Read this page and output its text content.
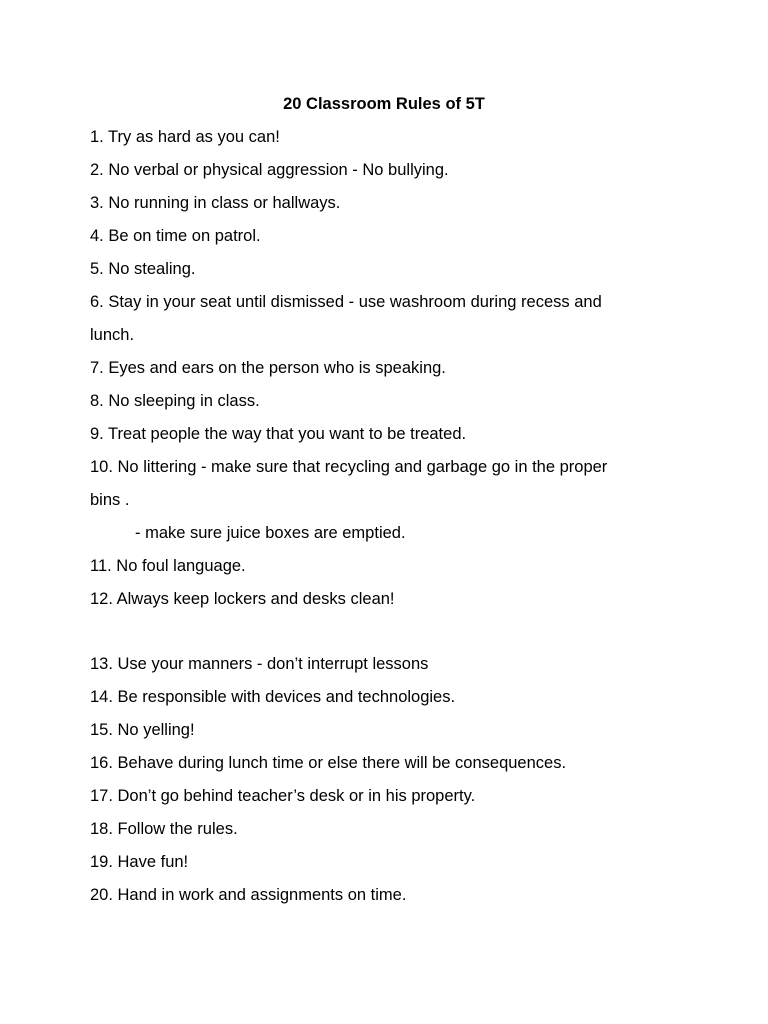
20 Classroom Rules of 5T
1. Try as hard as you can!
2. No verbal or physical aggression - No bullying.
3. No running in class or hallways.
4. Be on time on patrol.
5. No stealing.
6. Stay in your seat until dismissed - use washroom during recess and
lunch.
7. Eyes and ears on the person who is speaking.
8. No sleeping in class.
9. Treat people the way that you want to be treated.
10. No littering - make sure that recycling and garbage go in the proper
bins .
- make sure juice boxes are emptied.
11. No foul language.
12. Always keep lockers and desks clean!
13. Use your manners - don’t interrupt lessons
14. Be responsible with devices and technologies.
15. No yelling!
16. Behave during lunch time or else there will be consequences.
17. Don’t go behind teacher’s desk or in his property.
18. Follow the rules.
19. Have fun!
20. Hand in work and assignments on time.
